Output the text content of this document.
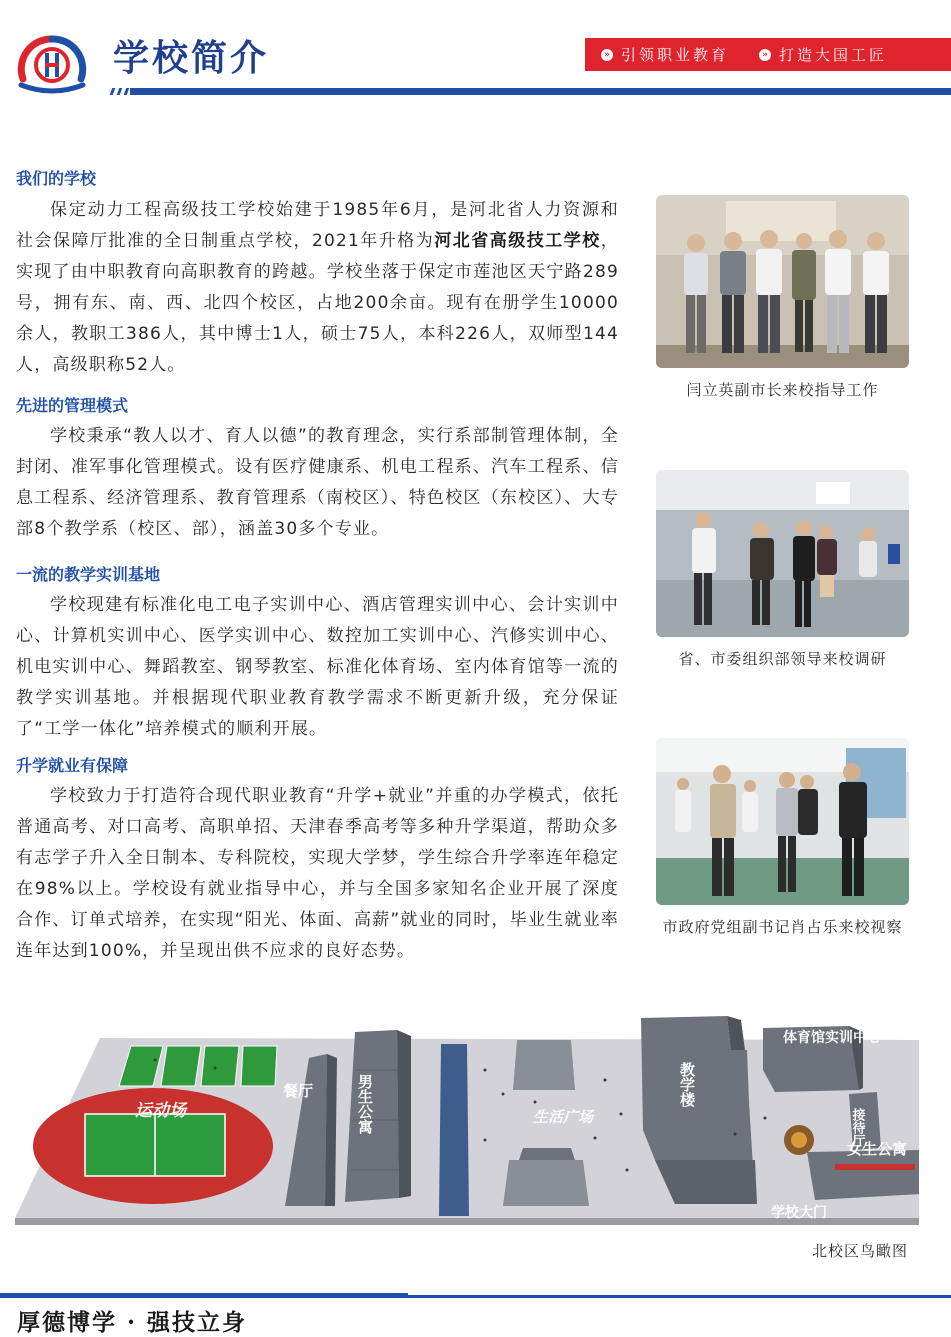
学校简介	» 引领职业教育	» 打造大国工匠
我们的学校

保定动力工程高级技工学校始建于1985年6月，是河北省人力资源和社会保障厅批准的全日制重点学校，2021年升格为河北省高级技工学校，实现了由中职教育向高职教育的跨越。学校坐落于保定市莲池区天宁路289号，拥有东、南、西、北四个校区，占地200余亩。现有在册学生10000余人，教职工386人，其中博士1人，硕士75人，本科226人，双师型144人，高级职称52人。

先进的管理模式

学校秉承“教人以才、育人以德”的教育理念，实行系部制管理体制，全封闭、准军事化管理模式。设有医疗健康系、机电工程系、汽车工程系、信息工程系、经济管理系、教育管理系（南校区）、特色校区（东校区）、大专部8个教学系（校区、部），涵盖30多个专业。

一流的教学实训基地

学校现建有标准化电工电子实训中心、酒店管理实训中心、会计实训中心、计算机实训中心、医学实训中心、数控加工实训中心、汽修实训中心、机电实训中心、舞蹈教室、钢琴教室、标准化体育场、室内体育馆等一流的教学实训基地。并根据现代职业教育教学需求不断更新升级，充分保证了“工学一体化”培养模式的顺利开展。

升学就业有保障

学校致力于打造符合现代职业教育“升学+就业”并重的办学模式，依托普通高考、对口高考、高职单招、天津春季高考等多种升学渠道，帮助众多有志学子升入全日制本、专科院校，实现大学梦，学生综合升学率连年稳定在98%以上。学校设有就业指导中心，并与全国多家知名企业开展了深度合作、订单式培养，在实现“阳光、体面、高薪”就业的同时，毕业生就业率连年达到100%，并呈现出供不应求的良好态势。

闫立英副市长来校指导工作
省、市委组织部领导来校调研
市政府党组副书记肖占乐来校视察
运动场
餐厅	男生公寓	生活广场
教学楼
体育馆实训中心
接待厅
女生公寓
学校大门
北校区鸟瞰图
厚德博学 · 强技立身
